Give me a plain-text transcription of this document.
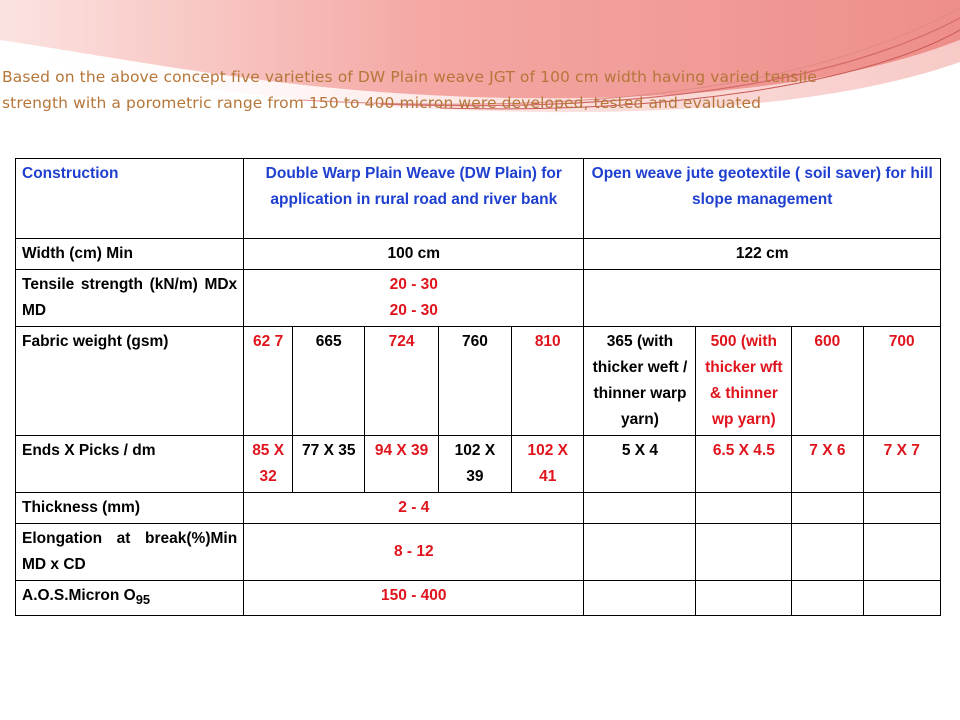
Based on the above concept five varieties of DW Plain weave JGT of 100 cm width having varied tensile
strength with a porometric range from 150 to 400 micron were developed, tested and evaluated

Construction	Double Warp Plain Weave (DW Plain) for application in rural road and river bank					Open weave jute geotextile ( soil saver) for hill slope management			
Width (cm) Min	100 cm					122 cm			
Tensile strength (kN/m) MDx MD	20 - 30
20 - 30								

Fabric weight (gsm)	62 7	665	724	760	810	365 (with thicker weft / thinner warp yarn)	500 (with thicker wft & thinner wp yarn)	600	700
Ends X Picks / dm	85 X 32	77 X 35	94 X 39	102 X 39	102 X 41	5 X 4	6.5 X 4.5	7 X 6	7 X 7
Thickness (mm)	2 - 4								
Elongation at break(%)Min MD x CD	8 - 12								
A.O.S.Micron $O_{95}$	150 - 400								
